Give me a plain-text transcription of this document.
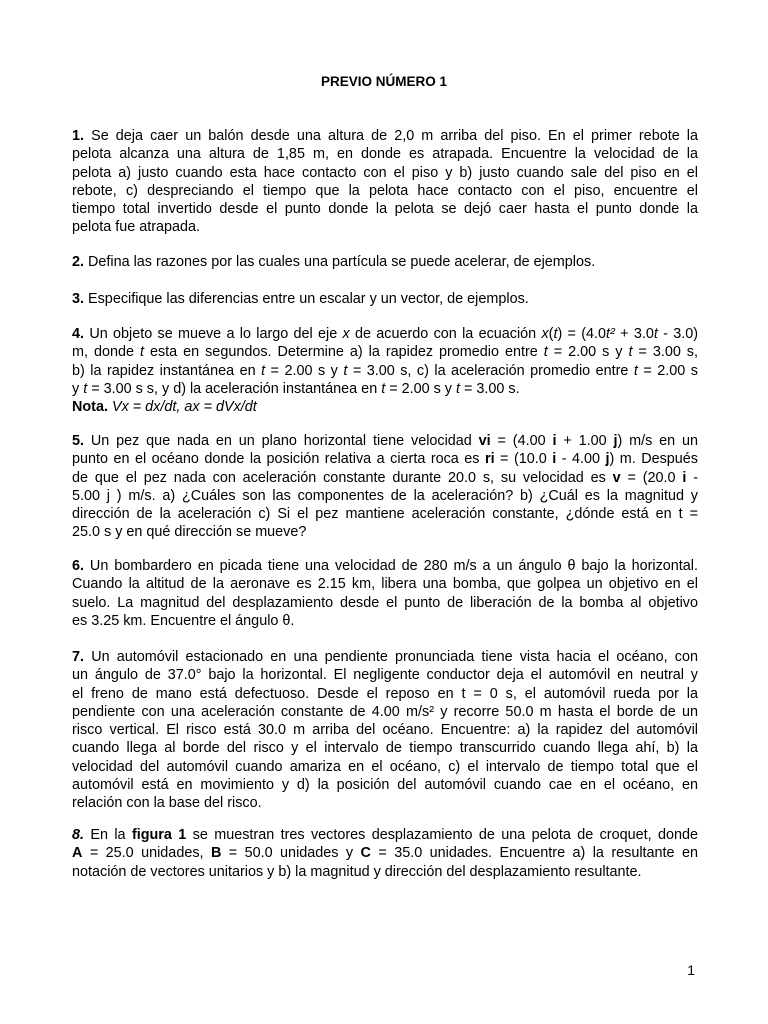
PREVIO NÚMERO 1
1. Se deja caer un balón desde una altura de 2,0 m arriba del piso. En el primer rebote la
pelota alcanza una altura de 1,85 m, en donde es atrapada. Encuentre la velocidad de la
pelota a) justo cuando esta hace contacto con el piso y b) justo cuando sale del piso en el
rebote, c) despreciando el tiempo que la pelota hace contacto con el piso, encuentre el
tiempo total invertido desde el punto donde la pelota se dejó caer hasta el punto donde la
pelota fue atrapada.
2. Defina las razones por las cuales una partícula se puede acelerar, de ejemplos.
3. Especifique las diferencias entre un escalar y un vector, de ejemplos.
4. Un objeto se mueve a lo largo del eje x de acuerdo con la ecuación x(t) = (4.0t² + 3.0t - 3.0)
m, donde t esta en segundos. Determine a) la rapidez promedio entre t = 2.00 s y t = 3.00 s,
b) la rapidez instantánea en t = 2.00 s y t = 3.00 s, c) la aceleración promedio entre t = 2.00 s
y t = 3.00 s s, y d) la aceleración instantánea en t = 2.00 s y t = 3.00 s.
Nota. Vx = dx/dt, ax = dVx/dt
5. Un pez que nada en un plano horizontal tiene velocidad vi = (4.00 i + 1.00 j) m/s en un
punto en el océano donde la posición relativa a cierta roca es ri = (10.0 i - 4.00 j) m. Después
de que el pez nada con aceleración constante durante 20.0 s, su velocidad es v = (20.0 i -
5.00 j ) m/s. a) ¿Cuáles son las componentes de la aceleración? b) ¿Cuál es la magnitud y
dirección de la aceleración c) Si el pez mantiene aceleración constante, ¿dónde está en t =
25.0 s y en qué dirección se mueve?
6. Un bombardero en picada tiene una velocidad de 280 m/s a un ángulo θ bajo la horizontal.
Cuando la altitud de la aeronave es 2.15 km, libera una bomba, que golpea un objetivo en el
suelo. La magnitud del desplazamiento desde el punto de liberación de la bomba al objetivo
es 3.25 km. Encuentre el ángulo θ.
7. Un automóvil estacionado en una pendiente pronunciada tiene vista hacia el océano, con
un ángulo de 37.0° bajo la horizontal. El negligente conductor deja el automóvil en neutral y
el freno de mano está defectuoso. Desde el reposo en t = 0 s, el automóvil rueda por la
pendiente con una aceleración constante de 4.00 m/s² y recorre 50.0 m hasta el borde de un
risco vertical. El risco está 30.0 m arriba del océano. Encuentre: a) la rapidez del automóvil
cuando llega al borde del risco y el intervalo de tiempo transcurrido cuando llega ahí, b) la
velocidad del automóvil cuando amariza en el océano, c) el intervalo de tiempo total que el
automóvil está en movimiento y d) la posición del automóvil cuando cae en el océano, en
relación con la base del risco.
8. En la figura 1 se muestran tres vectores desplazamiento de una pelota de croquet, donde
A = 25.0 unidades, B = 50.0 unidades y C = 35.0 unidades. Encuentre a) la resultante en
notación de vectores unitarios y b) la magnitud y dirección del desplazamiento resultante.
1
